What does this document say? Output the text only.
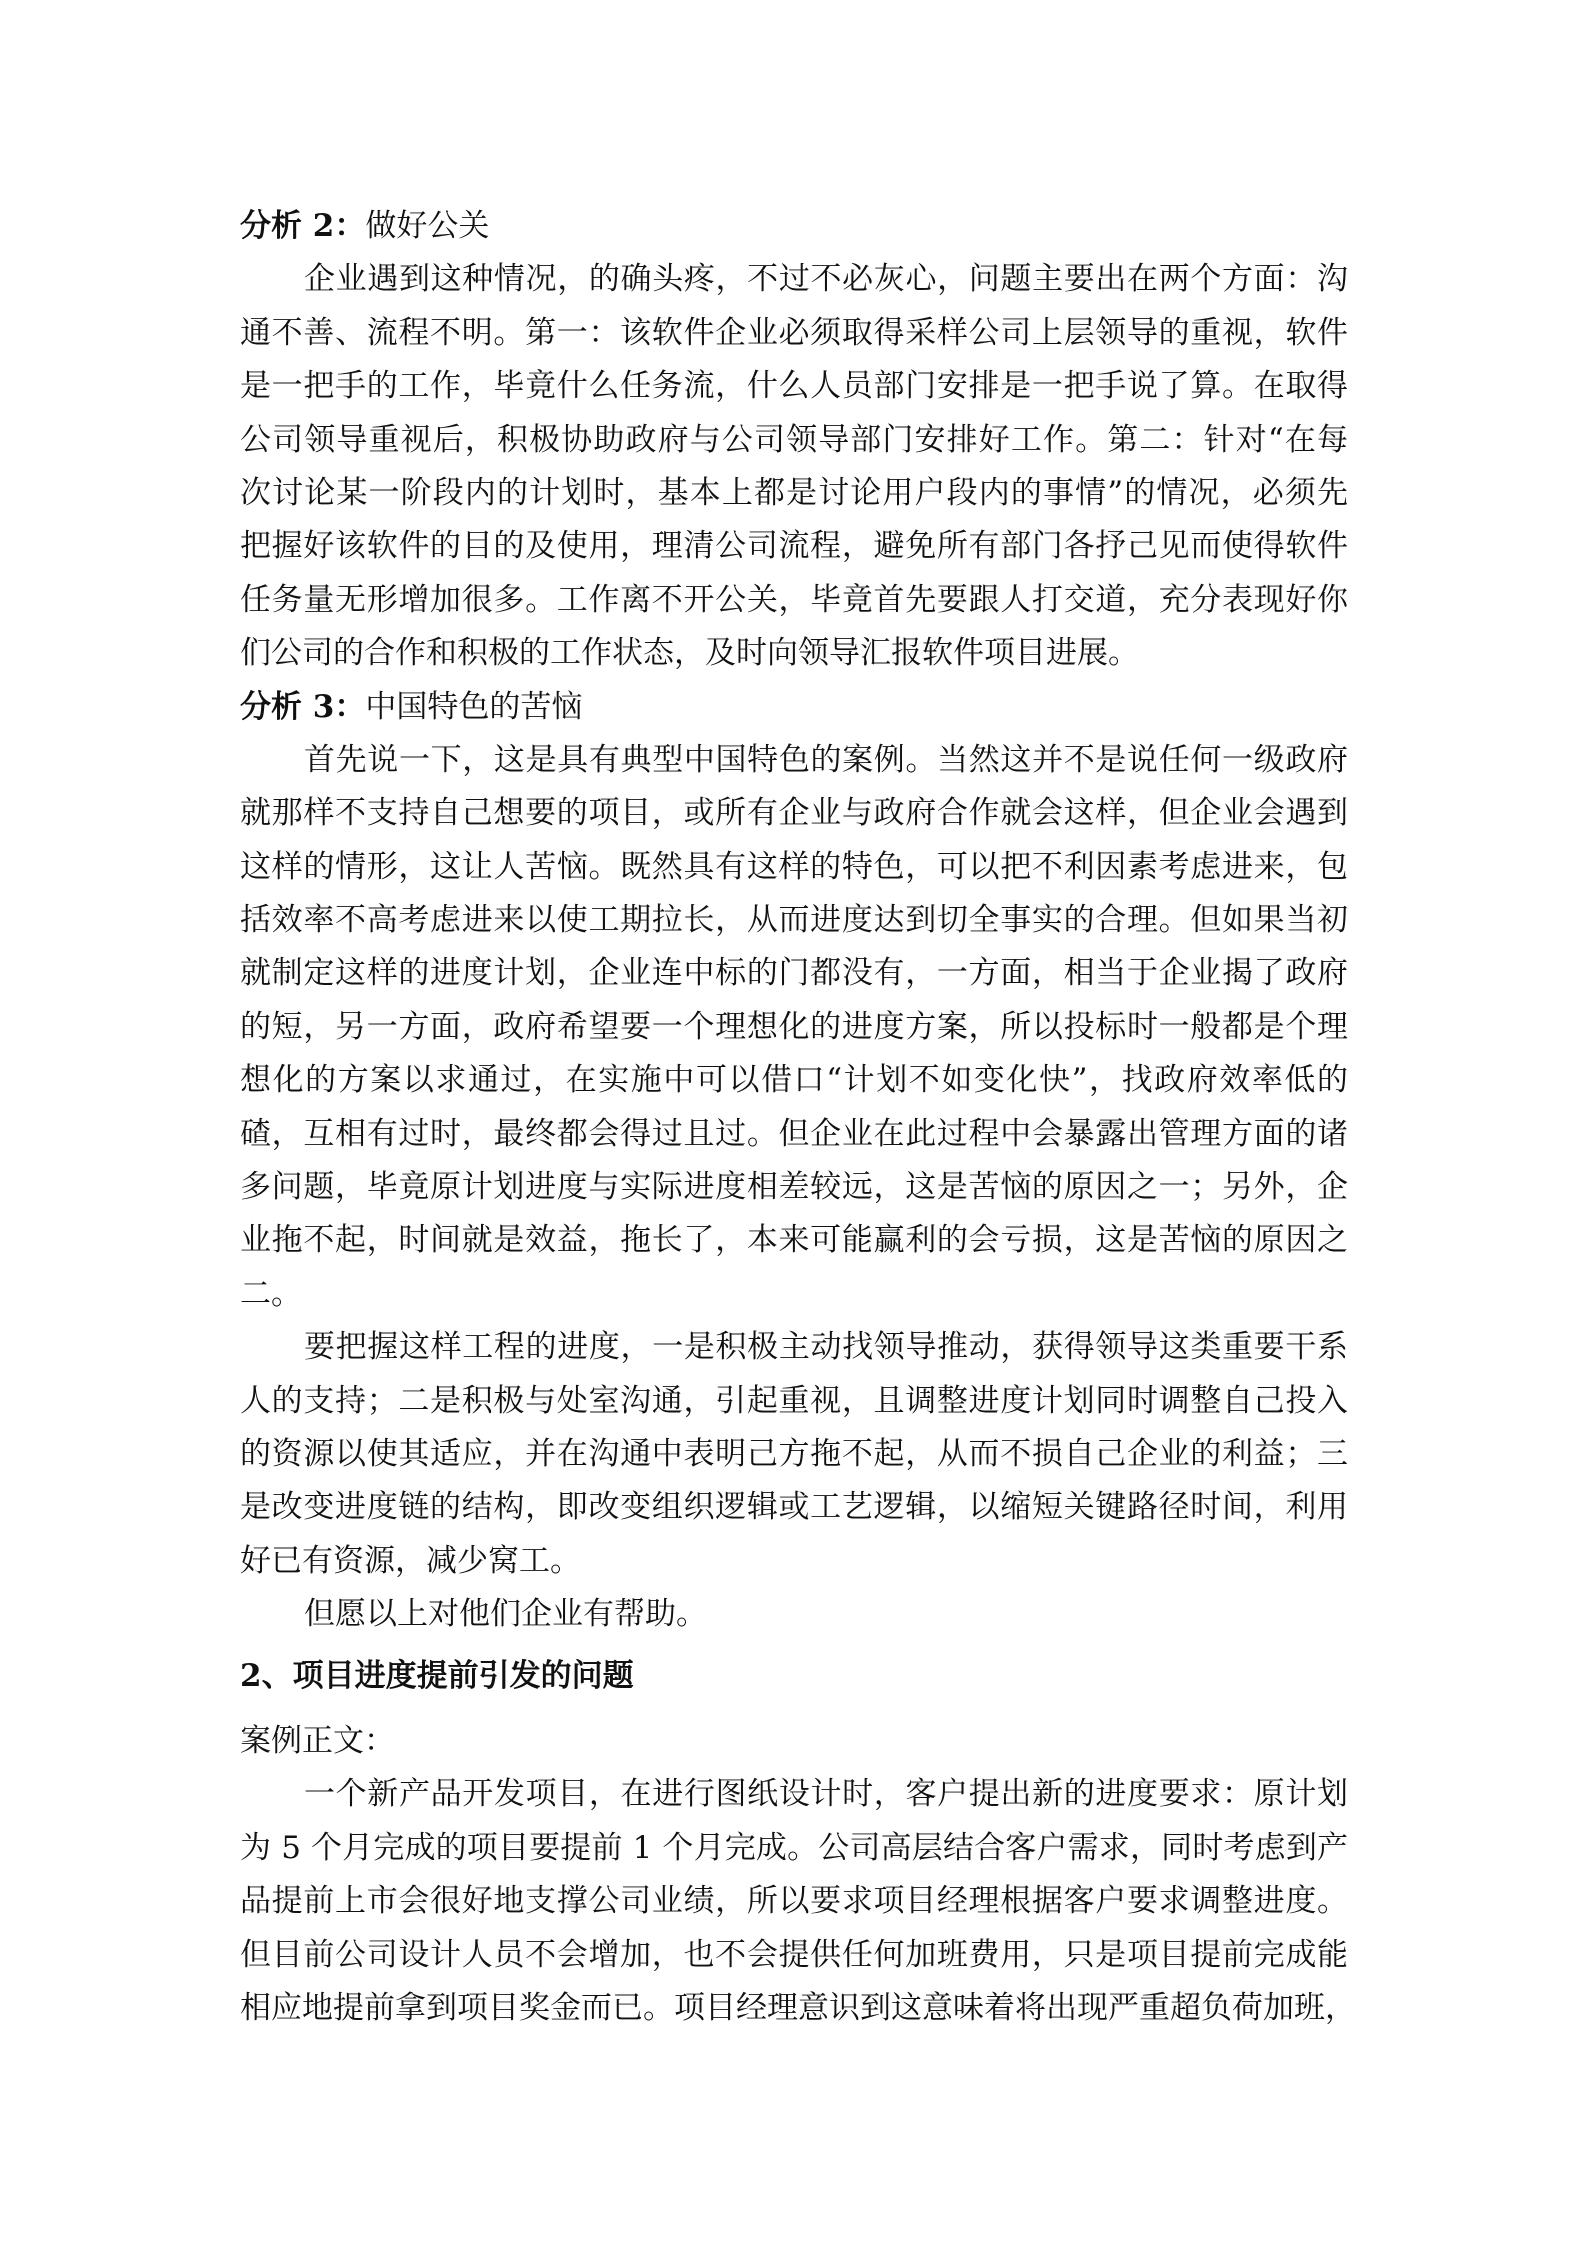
分析 2：做好公关
企业遇到这种情况，的确头疼，不过不必灰心，问题主要出在两个方面：沟
通不善、流程不明。第一：该软件企业必须取得采样公司上层领导的重视，软件
是一把手的工作，毕竟什么任务流，什么人员部门安排是一把手说了算。在取得
公司领导重视后，积极协助政府与公司领导部门安排好工作。第二：针对“在每
次讨论某一阶段内的计划时，基本上都是讨论用户段内的事情”的情况，必须先
把握好该软件的目的及使用，理清公司流程，避免所有部门各抒己见而使得软件
任务量无形增加很多。工作离不开公关，毕竟首先要跟人打交道，充分表现好你
们公司的合作和积极的工作状态，及时向领导汇报软件项目进展。
分析 3：中国特色的苦恼
首先说一下，这是具有典型中国特色的案例。当然这并不是说任何一级政府
就那样不支持自己想要的项目，或所有企业与政府合作就会这样，但企业会遇到
这样的情形，这让人苦恼。既然具有这样的特色，可以把不利因素考虑进来，包
括效率不高考虑进来以使工期拉长，从而进度达到切全事实的合理。但如果当初
就制定这样的进度计划，企业连中标的门都没有，一方面，相当于企业揭了政府
的短，另一方面，政府希望要一个理想化的进度方案，所以投标时一般都是个理
想化的方案以求通过，在实施中可以借口“计划不如变化快”，找政府效率低的
碴，互相有过时，最终都会得过且过。但企业在此过程中会暴露出管理方面的诸
多问题，毕竟原计划进度与实际进度相差较远，这是苦恼的原因之一；另外，企
业拖不起，时间就是效益，拖长了，本来可能赢利的会亏损，这是苦恼的原因之
二。
要把握这样工程的进度，一是积极主动找领导推动，获得领导这类重要干系
人的支持；二是积极与处室沟通，引起重视，且调整进度计划同时调整自己投入
的资源以使其适应，并在沟通中表明己方拖不起，从而不损自己企业的利益；三
是改变进度链的结构，即改变组织逻辑或工艺逻辑，以缩短关键路径时间，利用
好已有资源，减少窝工。
但愿以上对他们企业有帮助。
2、项目进度提前引发的问题
案例正文：
一个新产品开发项目，在进行图纸设计时，客户提出新的进度要求：原计划
为 5 个月完成的项目要提前 1 个月完成。公司高层结合客户需求，同时考虑到产
品提前上市会很好地支撑公司业绩，所以要求项目经理根据客户要求调整进度。
但目前公司设计人员不会增加，也不会提供任何加班费用，只是项目提前完成能
相应地提前拿到项目奖金而已。项目经理意识到这意味着将出现严重超负荷加班，
